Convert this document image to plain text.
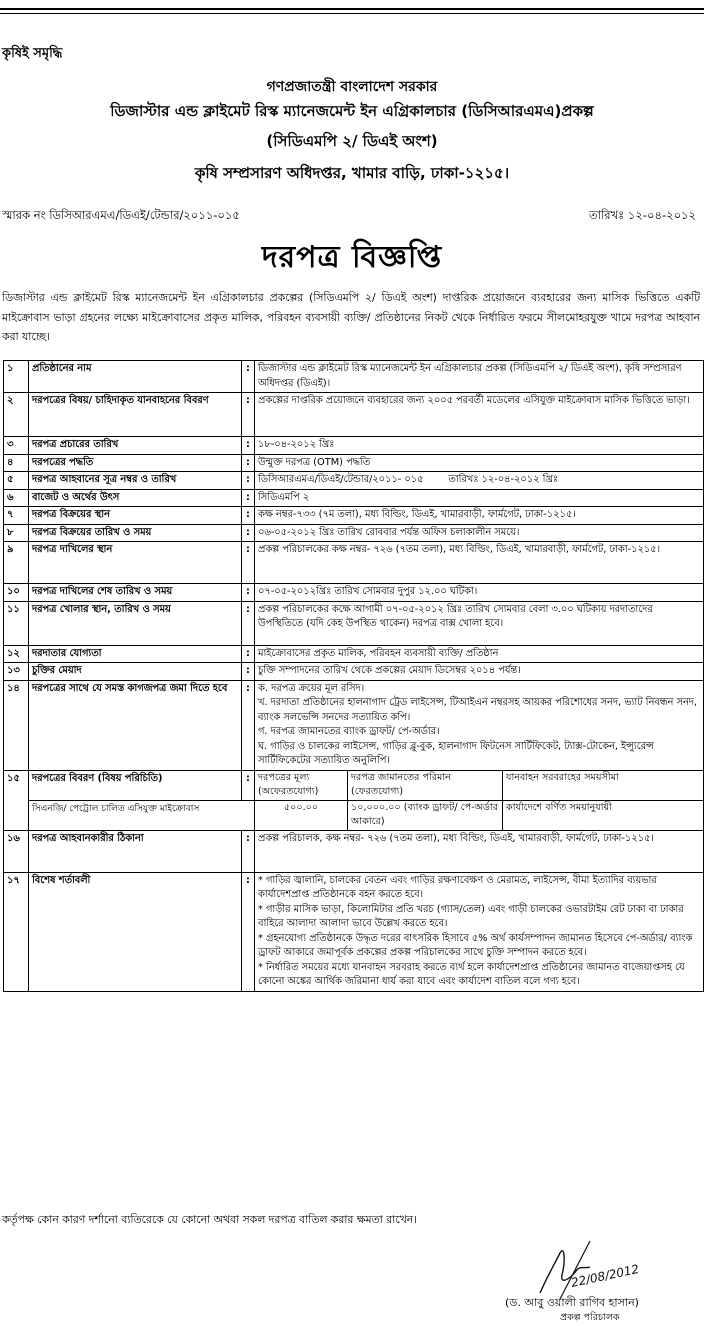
কৃষিই সমৃদ্ধি
গণপ্রজাতন্ত্রী বাংলাদেশ সরকার
ডিজাস্টার এন্ড ক্লাইমেট রিস্ক ম্যানেজমেন্ট ইন এগ্রিকালচার (ডিসিআরএমএ)প্রকল্প
(সিডিএমপি ২/ ডিএই অংশ)
কৃষি সম্প্রসারণ অধিদপ্তর, খামার বাড়ি, ঢাকা-১২১৫।
স্মারক নং ডিসিআরএমএ/ডিএই/টেন্ডার/২০১১-০১৫	তারিখঃ ১২-০৪-২০১২
দরপত্র বিজ্ঞপ্তি
ডিজাস্টার এন্ড ক্লাইমেট রিস্ক ম্যানেজমেন্ট ইন এগ্রিকালচার প্রকল্পের (সিডিএমপি ২/ ডিএই অংশ) দাপ্তরিক প্রয়োজনে ব্যবহারের জন্য মাসিক ভিত্তিতে একটি মাইক্রোবাস ভাড়া গ্রহনের লক্ষ্যে মাইক্রোবাসের প্রকৃত মালিক, পরিবহন ব্যবসায়ী ব্যক্তি/ প্রতিষ্ঠানের নিকট থেকে নির্ধারিত ফরমে সীলমোহরযুক্ত খামে দরপত্র আহবান করা যাচ্ছে।
১	প্রতিষ্ঠানের নাম	:	ডিজাস্টার এন্ড ক্লাইমেট রিস্ক ম্যানেজমেন্ট ইন এগ্রিকালচার প্রকল্প (সিডিএমপি ২/ ডিএই অংশ), কৃষি সম্প্রসারণ অধিদপ্তর (ডিএই)।
২	দরপত্রের বিষয়/ চাহিদাকৃত যানবাহনের বিবরণ	:	প্রকল্পের দাপ্তরিক প্রয়োজনে ব্যবহারের জন্য ২০০৫ পরবর্তী মডেলের এসিযুক্ত মাইক্রোবাস মাসিক ভিত্তিতে ভাড়া।
৩	দরপত্র প্রচারের তারিখ	:	১৮-০৪-২০১২ খ্রিঃ
৪	দরপত্রের পদ্ধতি	:	উন্মুক্ত দরপত্র (OTM) পদ্ধতি
৫	দরপত্র আহবানের সূত্র নম্বর ও তারিখ	:	ডিসিআরএমএ/ডিএই/টেন্ডার/২০১১- ০১৫        তারিখঃ ১২-০৪-২০১২ খ্রিঃ
৬	বাজেট ও অর্থের উৎস	:	সিডিএমপি ২
৭	দরপত্র বিক্রয়ের স্থান	:	কক্ষ নম্বর-৭৩৩ (৭ম তলা), মধ্য বিল্ডিং, ডিএই, খামারবাড়ী, ফার্মগেট, ঢাকা-১২১৫।
৮	দরপত্র বিক্রয়ের তারিখ ও সময়	:	০৬-০৫-২০১২ খ্রিঃ তারিখ রোববার পর্যন্ত অফিস চলাকালীন সময়ে।
৯	দরপত্র দাখিলের স্থান	:	প্রকল্প পরিচালকের কক্ষ নম্বর- ৭২৬ (৭তম তলা), মধ্য বিল্ডিং, ডিএই, খামারবাড়ী, ফার্মগেট, ঢাকা-১২১৫।
১০	দরপত্র দাখিলের শেষ তারিখ ও সময়	:	০৭-০৫-২০১২খ্রিঃ তারিখ সোমবার দুপুর ১২.০০ ঘটিকা।
১১	দরপত্র খোলার স্থান, তারিখ ও সময়	:	প্রকল্প পরিচালকের কক্ষে আগামী ০৭-০৫-২০১২ খ্রিঃ তারিখ সোমবার বেলা ৩.০০ ঘটিকায় দরদাতাদের উপস্থিতিতে (যদি কেহ উপস্থিত থাকেন) দরপত্র বাক্স খোলা হবে।
১২	দরদাতার যোগ্যতা	:	মাইক্রোবাসের প্রকৃত মালিক, পরিবহন ব্যবসায়ী ব্যক্তি/ প্রতিষ্ঠান
১৩	চুক্তির মেয়াদ	:	চুক্তি সম্পাদনের তারিখ থেকে প্রকল্পের মেয়াদ ডিসেম্বর ২০১৪ পর্যন্ত।
১৪	দরপত্রের সাথে যে সমস্ত কাগজপত্র জমা দিতে হবে	:	ক. দরপত্র ক্রয়ের মূল রসিদ।
খ. দরদাতা প্রতিষ্ঠানের হালনাগাদ ট্রেড লাইসেন্স, টিআইএন নম্বরসহ আয়কর পরিশোধের সনদ, ভ্যাট নিবন্ধন সনদ, ব্যাংক সলভেন্সি সনদের সত্যায়িত কপি।
গ. দরপত্র জামানতের ব্যাংক ড্রাফট/ পে-অর্ডার।
ঘ. গাড়ির ও চালকের লাইসেন্স, গাড়ির ব্লু-বুক, হালনাগাদ ফিটনেস সার্টিফিকেট, ট্যাক্স-টোকেন, ইন্স্যুরেন্স সার্টিফিকেটের সত্যায়িত অনুলিপি।

১৫	দরপত্রের বিবরণ (বিষয় পরিচিতি)	:	দরপত্রের মূল্য (অফেরতযোগ্য)	দরপত্র জামানতের পরিমান (ফেরতযোগ্য)	যানবাহন সরবরাহের সময়সীমা

সিএনজি/ পেট্রোল চালিত এসিযুক্ত মাইক্রোবাস		৫০০.০০	১০,০০০.০০ (ব্যাংক ড্রাফট/ পে-অর্ডার আকারে)	কার্যাদেশে বর্ণিত সময়ানুযায়ী

১৬	দরপত্র আহবানকারীর ঠিকানা	:	প্রকল্প পরিচালক, কক্ষ নম্বর- ৭২৬ (৭তম তলা), মধ্য বিল্ডিং, ডিএই, খামারবাড়ী, ফার্মগেট, ঢাকা-১২১৫।
১৭	বিশেষ শর্তাবলী	:	* গাড়ির জ্বালানি, চালকের বেতন এবং গাড়ির রক্ষণাবেক্ষণ ও মেরামত, লাইসেন্স, বীমা ইত্যাদির ব্যয়ভার কার্যাদেশপ্রাপ্ত প্রতিষ্ঠানকে বহন করতে হবে।
* গাড়ীর মাসিক ভাড়া, কিলোমিটার প্রতি খরচ (গ্যাস/তেল) এবং গাড়ী চালকের ওভারটাইম রেট ঢাকা বা ঢাকার বাহিরে আলাদা আলাদা ভাবে উল্লেখ করতে হবে।
* গ্রহনযোগ্য প্রতিষ্ঠানকে উদ্ধৃত দরের বাৎসরিক হিসাবে ৫% অর্থ কার্যসম্পাদন জামানত হিসেবে পে-অর্ডার/ ব্যাংক ড্রাফট আকারে জমাপূর্বক প্রকল্পের প্রকল্প পরিচালকের সাথে চুক্তি সম্পাদন করতে হবে।
* নির্ধারিত সময়ের মধ্যে যানবাহন সরবরাহ করতে ব্যর্থ হলে কার্যাদেশপ্রাপ্ত প্রতিষ্ঠানের জামানত বাজেয়াপ্তসহ যে কোনো অঙ্কের আর্থিক জরিমানা ধার্য করা যাবে এবং কার্যাদেশ বাতিল বলে গণ্য হবে।
কর্তৃপক্ষ কোন কারণ দর্শানো ব্যতিরেকে যে কোনো অথবা সকল দরপত্র বাতিল করার ক্ষমতা রাখেন।
22/08/2012
(ড. আবু ওয়ালী রাগিব হাসান)
প্রকল্প পরিচালক
